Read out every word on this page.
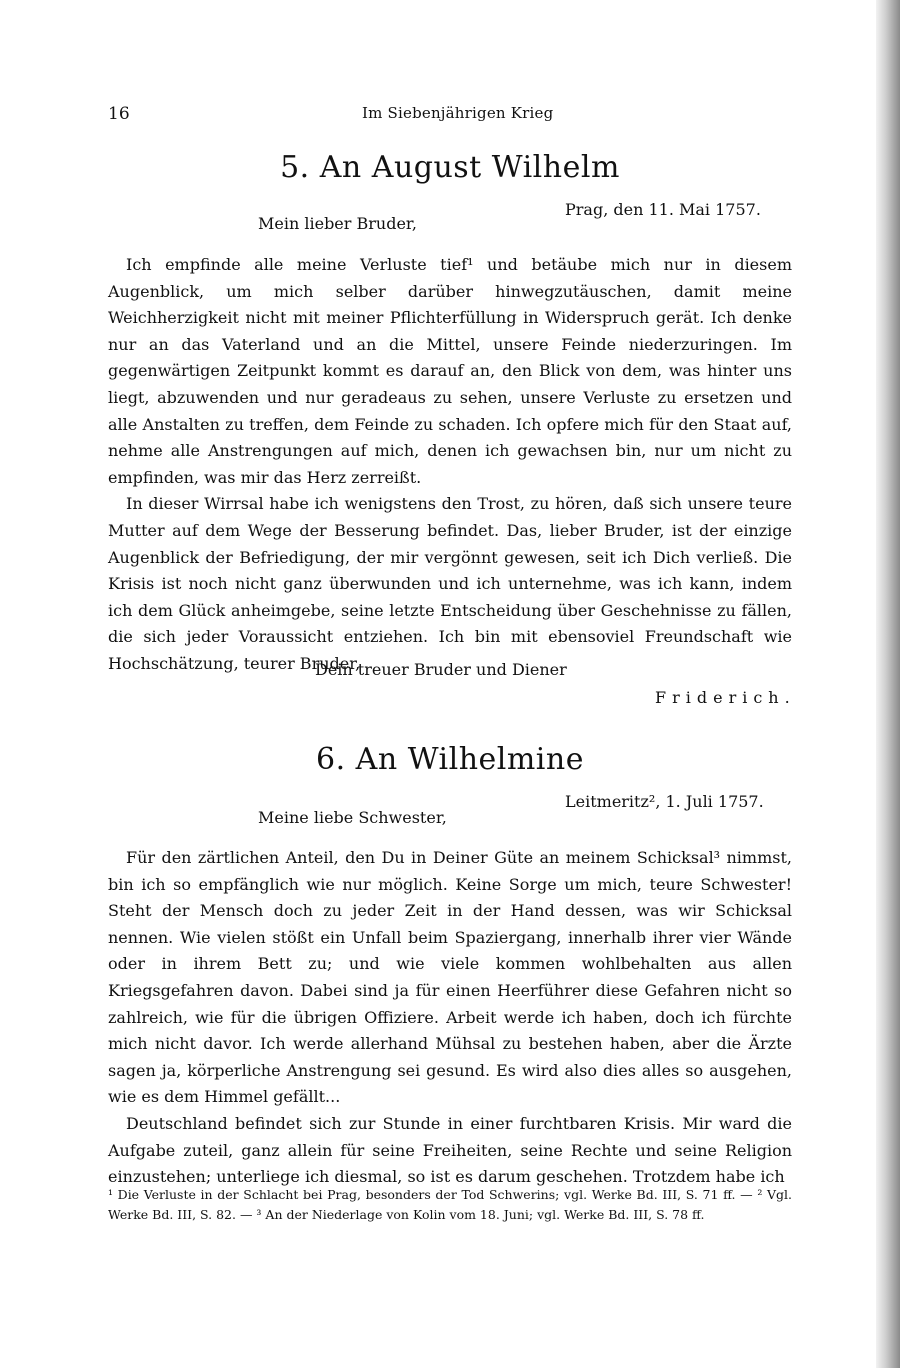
16	Im Siebenjährigen Krieg
5. An August Wilhelm
Prag, den 11. Mai 1757.
Mein lieber Bruder,

Ich empfinde alle meine Verluste tief¹ und betäube mich nur in diesem Augenblick, um mich selber darüber hinwegzutäuschen, damit meine Weichherzigkeit nicht mit meiner Pflichterfüllung in Widerspruch gerät. Ich denke nur an das Vaterland und an die Mittel, unsere Feinde niederzuringen. Im gegenwärtigen Zeitpunkt kommt es darauf an, den Blick von dem, was hinter uns liegt, abzuwenden und nur geradeaus zu sehen, unsere Verluste zu ersetzen und alle Anstalten zu treffen, dem Feinde zu schaden. Ich opfere mich für den Staat auf, nehme alle Anstrengungen auf mich, denen ich gewachsen bin, nur um nicht zu empfinden, was mir das Herz zerreißt.

In dieser Wirrsal habe ich wenigstens den Trost, zu hören, daß sich unsere teure Mutter auf dem Wege der Besserung befindet. Das, lieber Bruder, ist der einzige Augenblick der Befriedigung, der mir vergönnt gewesen, seit ich Dich verließ. Die Krisis ist noch nicht ganz überwunden und ich unternehme, was ich kann, indem ich dem Glück anheimgebe, seine letzte Entscheidung über Geschehnisse zu fällen, die sich jeder Voraussicht entziehen. Ich bin mit ebensoviel Freundschaft wie Hochschätzung, teurer Bruder,

Dein treuer Bruder und Diener
Friderich.
6. An Wilhelmine
Leitmeritz², 1. Juli 1757.
Meine liebe Schwester,

Für den zärtlichen Anteil, den Du in Deiner Güte an meinem Schicksal³ nimmst, bin ich so empfänglich wie nur möglich. Keine Sorge um mich, teure Schwester! Steht der Mensch doch zu jeder Zeit in der Hand dessen, was wir Schicksal nennen. Wie vielen stößt ein Unfall beim Spaziergang, innerhalb ihrer vier Wände oder in ihrem Bett zu; und wie viele kommen wohlbehalten aus allen Kriegsgefahren davon. Dabei sind ja für einen Heerführer diese Gefahren nicht so zahlreich, wie für die übrigen Offiziere. Arbeit werde ich haben, doch ich fürchte mich nicht davor. Ich werde allerhand Mühsal zu bestehen haben, aber die Ärzte sagen ja, körperliche Anstrengung sei gesund. Es wird also dies alles so ausgehen, wie es dem Himmel gefällt...

Deutschland befindet sich zur Stunde in einer furchtbaren Krisis. Mir ward die Aufgabe zuteil, ganz allein für seine Freiheiten, seine Rechte und seine Religion einzustehen; unterliege ich diesmal, so ist es darum geschehen. Trotzdem habe ich

¹ Die Verluste in der Schlacht bei Prag, besonders der Tod Schwerins; vgl. Werke Bd. III, S. 71 ff. — ² Vgl. Werke Bd. III, S. 82. — ³ An der Niederlage von Kolin vom 18. Juni; vgl. Werke Bd. III, S. 78 ff.
